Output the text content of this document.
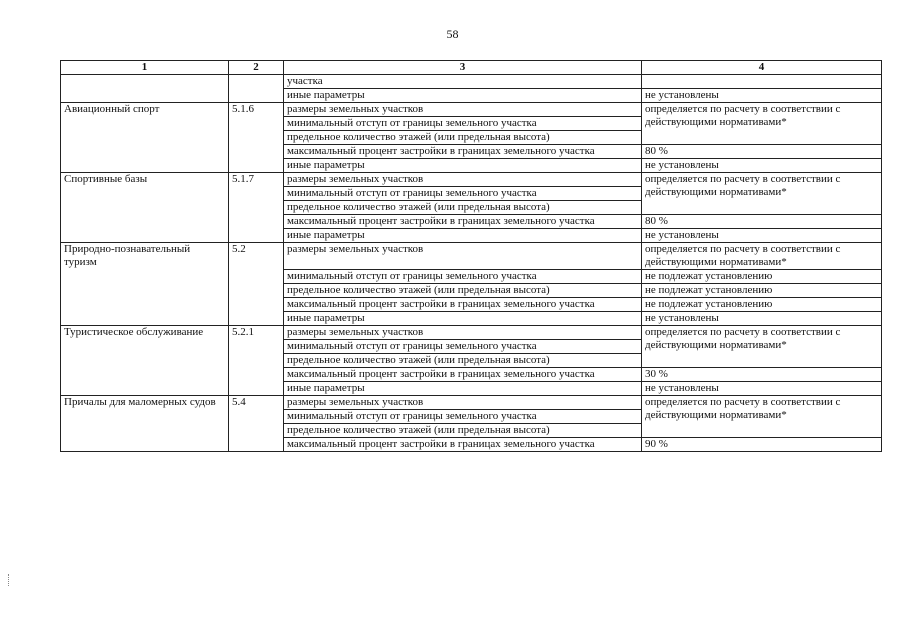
58
1	2	3	4
		участка	
		иные параметры	не установлены
Авиационный спорт	5.1.6	размеры земельных участков	определяется по расчету в соответствии с действующими нормативами*
		минимальный отступ от границы земельного участка	
		предельное количество этажей (или предельная высота)	
		максимальный процент застройки в границах земельного участка	80 %
		иные параметры	не установлены
Спортивные базы	5.1.7	размеры земельных участков	определяется по расчету в соответствии с действующими нормативами*
		минимальный отступ от границы земельного участка	
		предельное количество этажей (или предельная высота)	
		максимальный процент застройки в границах земельного участка	80 %
		иные параметры	не установлены
Природно-познавательный туризм	5.2	размеры земельных участков	определяется по расчету в соответствии с действующими нормативами*
		минимальный отступ от границы земельного участка	не подлежат установлению
		предельное количество этажей (или предельная высота)	не подлежат установлению
		максимальный процент застройки в границах земельного участка	не подлежат установлению
		иные параметры	не установлены
Туристическое обслуживание	5.2.1	размеры земельных участков	определяется по расчету в соответствии с действующими нормативами*
		минимальный отступ от границы земельного участка	
		предельное количество этажей (или предельная высота)	
		максимальный процент застройки в границах земельного участка	30 %
		иные параметры	не установлены
Причалы для маломерных судов	5.4	размеры земельных участков	определяется по расчету в соответствии с действующими нормативами*
		минимальный отступ от границы земельного участка	
		предельное количество этажей (или предельная высота)	
		максимальный процент застройки в границах земельного участка	90 %
